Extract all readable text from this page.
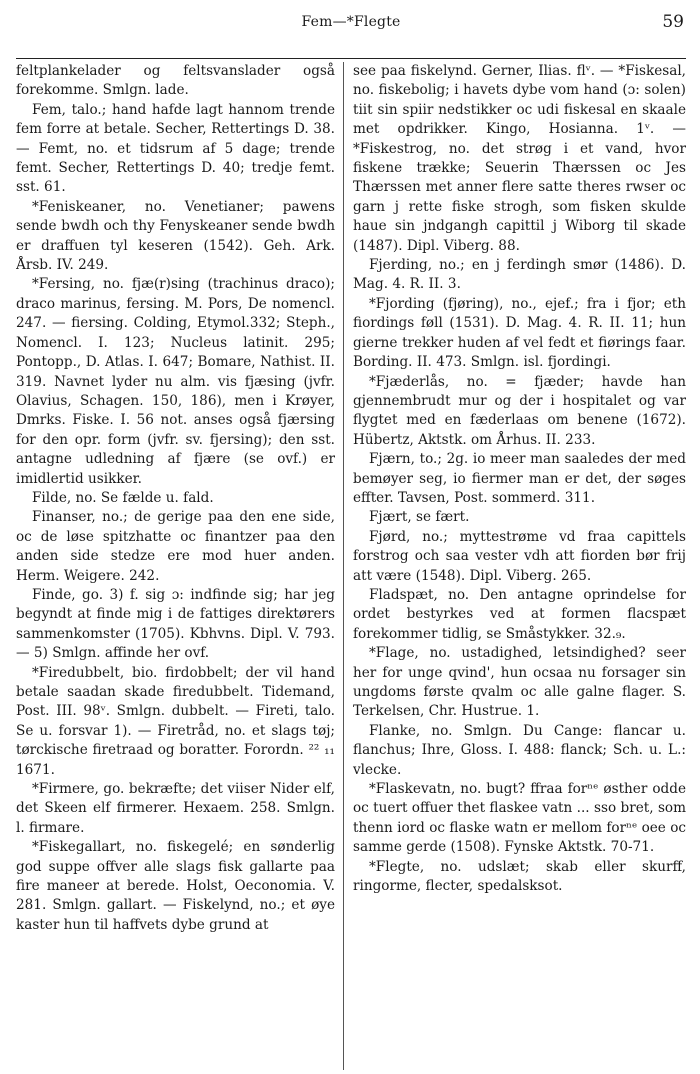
Fem—*Flegte	59

feltplankelader og feltsvanslader også forekomme. Smlgn. lade.

Fem, talo.; hand hafde lagt hannom trende fem forre at betale. Secher, Rettertings D. 38. — Femt, no. et tidsrum af 5 dage; trende femt. Secher, Rettertings D. 40; tredje femt. sst. 61.

*Feniskeaner, no. Venetianer; pawens sende bwdh och thy Fenyskeaner sende bwdh er draffuen tyl keseren (1542). Geh. Ark. Årsb. IV. 249.

*Fersing, no. fjæ(r)sing (trachinus draco); draco marinus, fersing. M. Pors, De nomencl. 247. — fiersing. Colding, Etymol.332; Steph., Nomencl. I. 123; Nucleus latinit. 295; Pontopp., D. Atlas. I. 647; Bomare, Nathist. II. 319. Navnet lyder nu alm. vis fjæsing (jvfr. Olavius, Schagen. 150, 186), men i Krøyer, Dmrks. Fiske. I. 56 not. anses også fjærsing for den opr. form (jvfr. sv. fjersing); den sst. antagne udledning af fjære (se ovf.) er imidlertid usikker.

Filde, no. Se fælde u. fald.

Finanser, no.; de gerige paa den ene side, oc de løse spitzhatte oc finantzer paa den anden side stedze ere mod huer anden. Herm. Weigere. 242.

Finde, go. 3) f. sig ɔ: indfinde sig; har jeg begyndt at finde mig i de fattiges direktørers sammenkomster (1705). Kbhvns. Dipl. V. 793. — 5) Smlgn. affinde her ovf.

*Firedubbelt, bio. firdobbelt; der vil hand betale saadan skade firedubbelt. Tidemand, Post. III. 98ᵛ. Smlgn. dubbelt. — Fireti, talo. Se u. forsvar 1). — Firetråd, no. et slags tøj; tørckische firetraad og boratter. Forordn. ²² ₁₁ 1671.

*Firmere, go. bekræfte; det viiser Nider elf, det Skeen elf firmerer. Hexaem. 258. Smlgn. l. firmare.

*Fiskegallart, no. fiskegelé; en sønderlig god suppe offver alle slags fisk gallarte paa fire maneer at berede. Holst, Oeconomia. V. 281. Smlgn. gallart. — Fiskelynd, no.; et øye kaster hun til haffvets dybe grund at

see paa fiskelynd. Gerner, Ilias. flᵛ. — *Fiskesal, no. fiskebolig; i havets dybe vom hand (ɔ: solen) tiit sin spiir nedstikker oc udi fiskesal en skaale met opdrikker. Kingo, Hosianna. 1ᵛ. — *Fiskestrog, no. det strøg i et vand, hvor fiskene trække; Seuerin Thærssen oc Jes Thærssen met anner flere satte theres rwser oc garn j rette fiske strogh, som fisken skulde haue sin jndgangh capittil j Wiborg til skade (1487). Dipl. Viberg. 88.

Fjerding, no.; en j ferdingh smør (1486). D. Mag. 4. R. II. 3.

*Fjording (fjøring), no., ejef.; fra i fjor; eth fiordings føll (1531). D. Mag. 4. R. II. 11; hun gierne trekker huden af vel fedt et fiørings faar. Bording. II. 473. Smlgn. isl. fjordingi.

*Fjæderlås, no. = fjæder; havde han gjennembrudt mur og der i hospitalet og var flygtet med en fæderlaas om benene (1672). Hübertz, Aktstk. om Århus. II. 233.

Fjærn, to.; 2g. io meer man saaledes der med bemøyer seg, io fiermer man er det, der søges effter. Tavsen, Post. sommerd. 311.

Fjært, se fært.

Fjørd, no.; myttestrøme vd fraa capittels forstrog och saa vester vdh att fiorden bør frij att være (1548). Dipl. Viberg. 265.

Fladspæt, no. Den antagne oprindelse for ordet bestyrkes ved at formen flacspæt forekommer tidlig, se Småstykker. 32.₉.

*Flage, no. ustadighed, letsindighed? seer her for unge qvind', hun ocsaa nu forsager sin ungdoms første qvalm oc alle galne flager. S. Terkelsen, Chr. Hustrue. 1.

Flanke, no. Smlgn. Du Cange: flancar u. flanchus; Ihre, Gloss. I. 488: flanck; Sch. u. L.: vlecke.

*Flaskevatn, no. bugt? ffraa forⁿᵉ østher odde oc tuert offuer thet flaskee vatn ... sso bret, som thenn iord oc flaske watn er mellom forⁿᵉ oee oc samme gerde (1508). Fynske Aktstk. 70-71.

*Flegte, no. udslæt; skab eller skurff, ringorme, flecter, spedalsksot.
